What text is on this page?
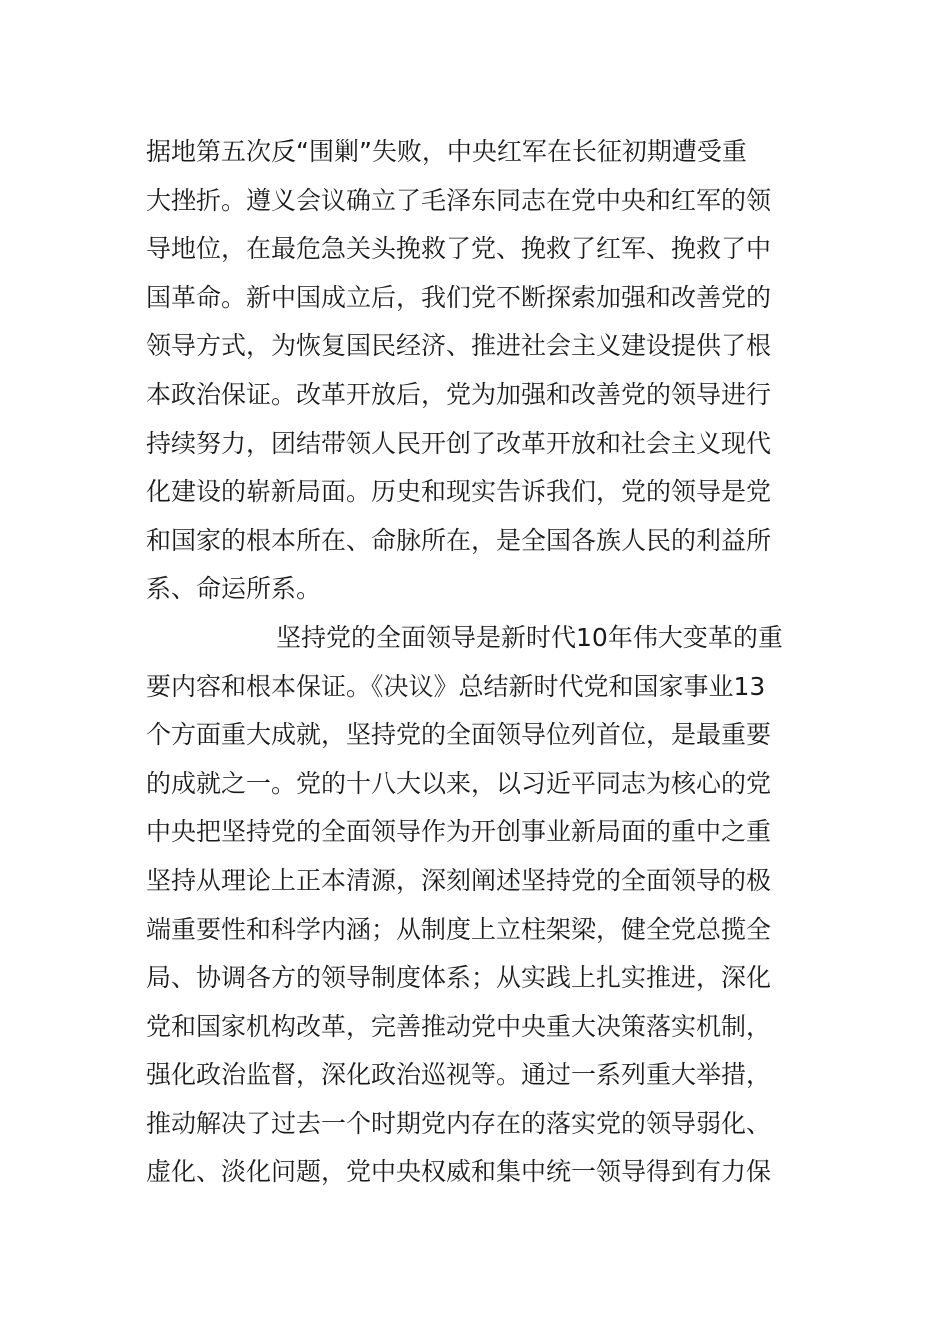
据地第五次反“围剿”失败，中央红军在长征初期遭受重
大挫折。遵义会议确立了毛泽东同志在党中央和红军的领
导地位，在最危急关头挽救了党、挽救了红军、挽救了中
国革命。新中国成立后，我们党不断探索加强和改善党的
领导方式，为恢复国民经济、推进社会主义建设提供了根
本政治保证。改革开放后，党为加强和改善党的领导进行
持续努力，团结带领人民开创了改革开放和社会主义现代
化建设的崭新局面。历史和现实告诉我们，党的领导是党
和国家的根本所在、命脉所在，是全国各族人民的利益所
系、命运所系。
坚持党的全面领导是新时代10年伟大变革的重
要内容和根本保证。《决议》总结新时代党和国家事业13
个方面重大成就，坚持党的全面领导位列首位，是最重要
的成就之一。党的十八大以来，以习近平同志为核心的党
中央把坚持党的全面领导作为开创事业新局面的重中之重
坚持从理论上正本清源，深刻阐述坚持党的全面领导的极
端重要性和科学内涵；从制度上立柱架梁，健全党总揽全
局、协调各方的领导制度体系；从实践上扎实推进，深化
党和国家机构改革，完善推动党中央重大决策落实机制，
强化政治监督，深化政治巡视等。通过一系列重大举措，
推动解决了过去一个时期党内存在的落实党的领导弱化、
虚化、淡化问题，党中央权威和集中统一领导得到有力保
